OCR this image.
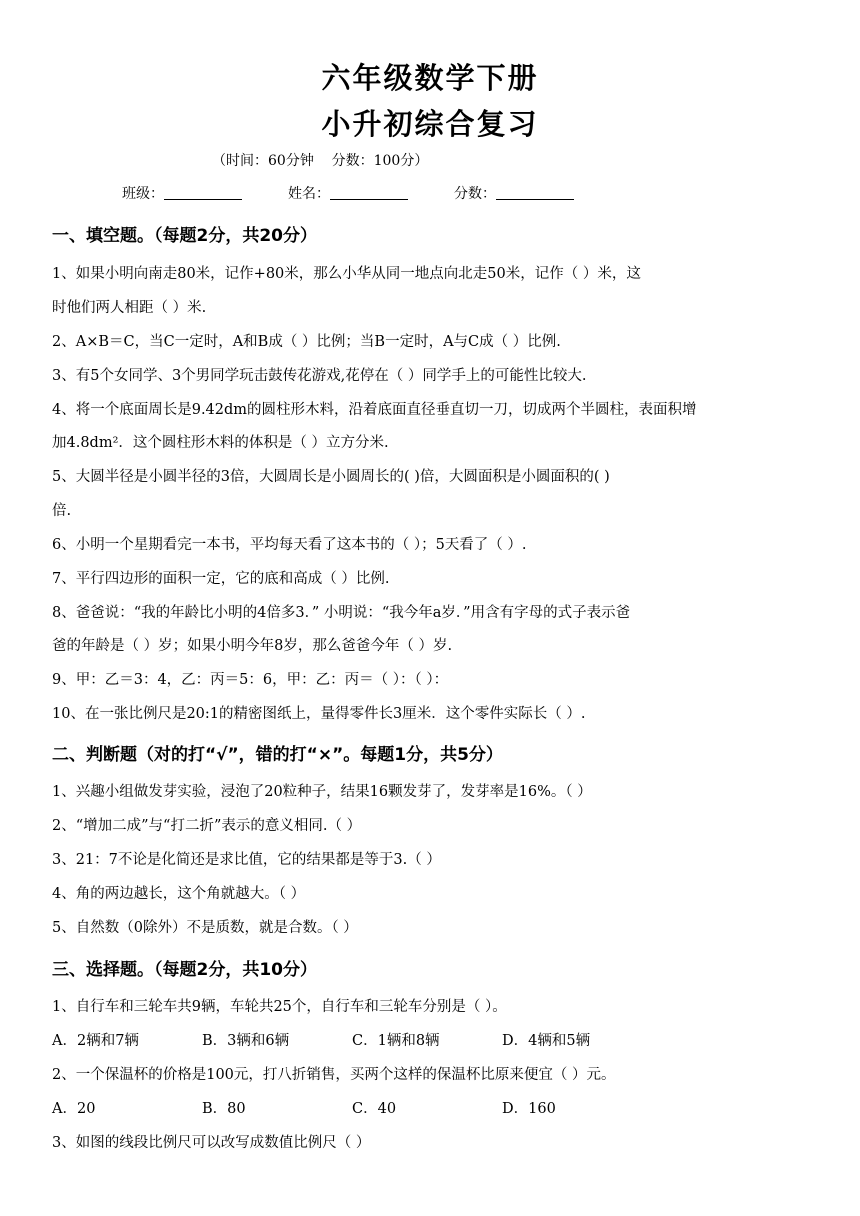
六年级数学下册
小升初综合复习
（时间：60分钟    分数：100分）
班级：	姓名：	分数：
一、填空题。（每题2分，共20分）
1、如果小明向南走80米，记作+80米，那么小华从同一地点向北走50米，记作（ ）米，这
时他们两人相距（ ）米.
2、A×B＝C，当C一定时，A和B成（ ）比例；当B一定时，A与C成（ ）比例.
3、有5个女同学、3个男同学玩击鼓传花游戏,花停在（ ）同学手上的可能性比较大.
4、将一个底面周长是9.42dm的圆柱形木料，沿着底面直径垂直切一刀，切成两个半圆柱，表面积增
加4.8dm²．这个圆柱形木料的体积是（ ）立方分米.
5、大圆半径是小圆半径的3倍，大圆周长是小圆周长的( )倍，大圆面积是小圆面积的( )
倍.
6、小明一个星期看完一本书，平均每天看了这本书的（ ）；5天看了（ ）.
7、平行四边形的面积一定，它的底和高成（ ）比例.
8、爸爸说：“我的年龄比小明的4倍多3．” 小明说：“我今年a岁．”用含有字母的式子表示爸
爸的年龄是（ ）岁；如果小明今年8岁，那么爸爸今年（ ）岁.
9、甲：乙＝3：4，乙：丙＝5：6，甲：乙：丙＝（ ）：（ ）：
10、在一张比例尺是20:1的精密图纸上，量得零件长3厘米．这个零件实际长（ ）.
二、判断题（对的打“√”，错的打“×”。每题1分，共5分）
1、兴趣小组做发芽实验，浸泡了20粒种子，结果16颗发芽了，发芽率是16%。（ ）
2、“增加二成”与“打二折”表示的意义相同.（ ）
3、21：7不论是化简还是求比值，它的结果都是等于3.（ ）
4、角的两边越长，这个角就越大。（ ）
5、自然数（0除外）不是质数，就是合数。（ ）
三、选择题。（每题2分，共10分）
1、自行车和三轮车共9辆，车轮共25个，自行车和三轮车分别是（ ）。
A．2辆和7辆	B．3辆和6辆	C．1辆和8辆	D．4辆和5辆
2、一个保温杯的价格是100元，打八折销售，买两个这样的保温杯比原来便宜（ ）元。
A．20	B．80	C．40	D．160
3、如图的线段比例尺可以改写成数值比例尺（ ）
